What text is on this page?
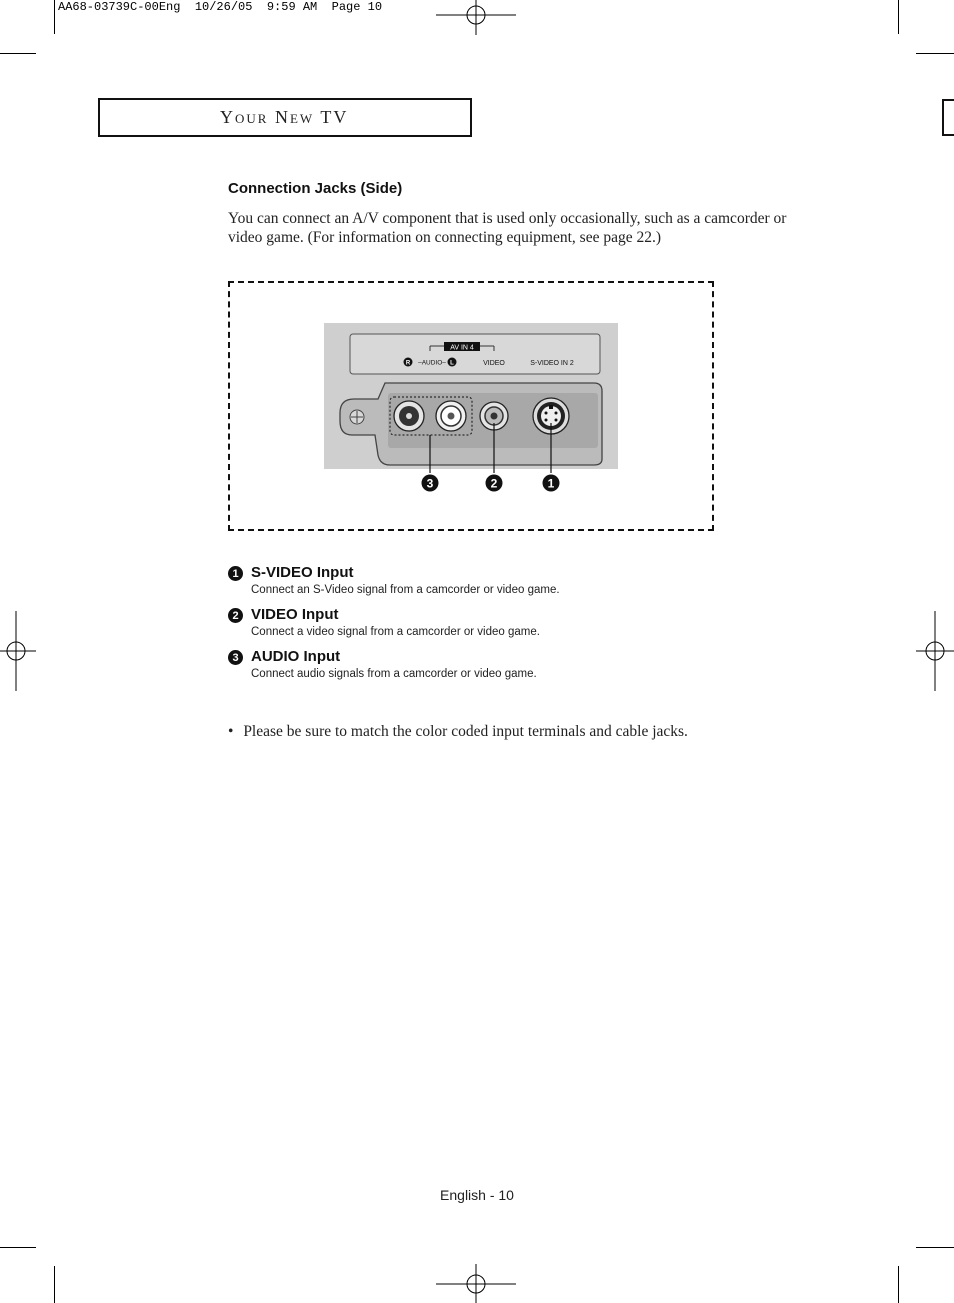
AA68-03739C-00Eng  10/26/05  9:59 AM  Page 10
Your New TV
Connection Jacks (Side)
You can connect an A/V component that is used only occasionally, such as a camcorder or video game. (For information on connecting equipment, see page 22.)
AV IN 4
R –AUDIO– L	VIDEO	S-VIDEO IN 2
3	2	1
1 S-VIDEO Input
Connect an S-Video signal from a camcorder or video game.
2 VIDEO Input
Connect a video signal from a camcorder or video game.
3 AUDIO Input
Connect audio signals from a camcorder or video game.
• Please be sure to match the color coded input terminals and cable jacks.
English - 10
